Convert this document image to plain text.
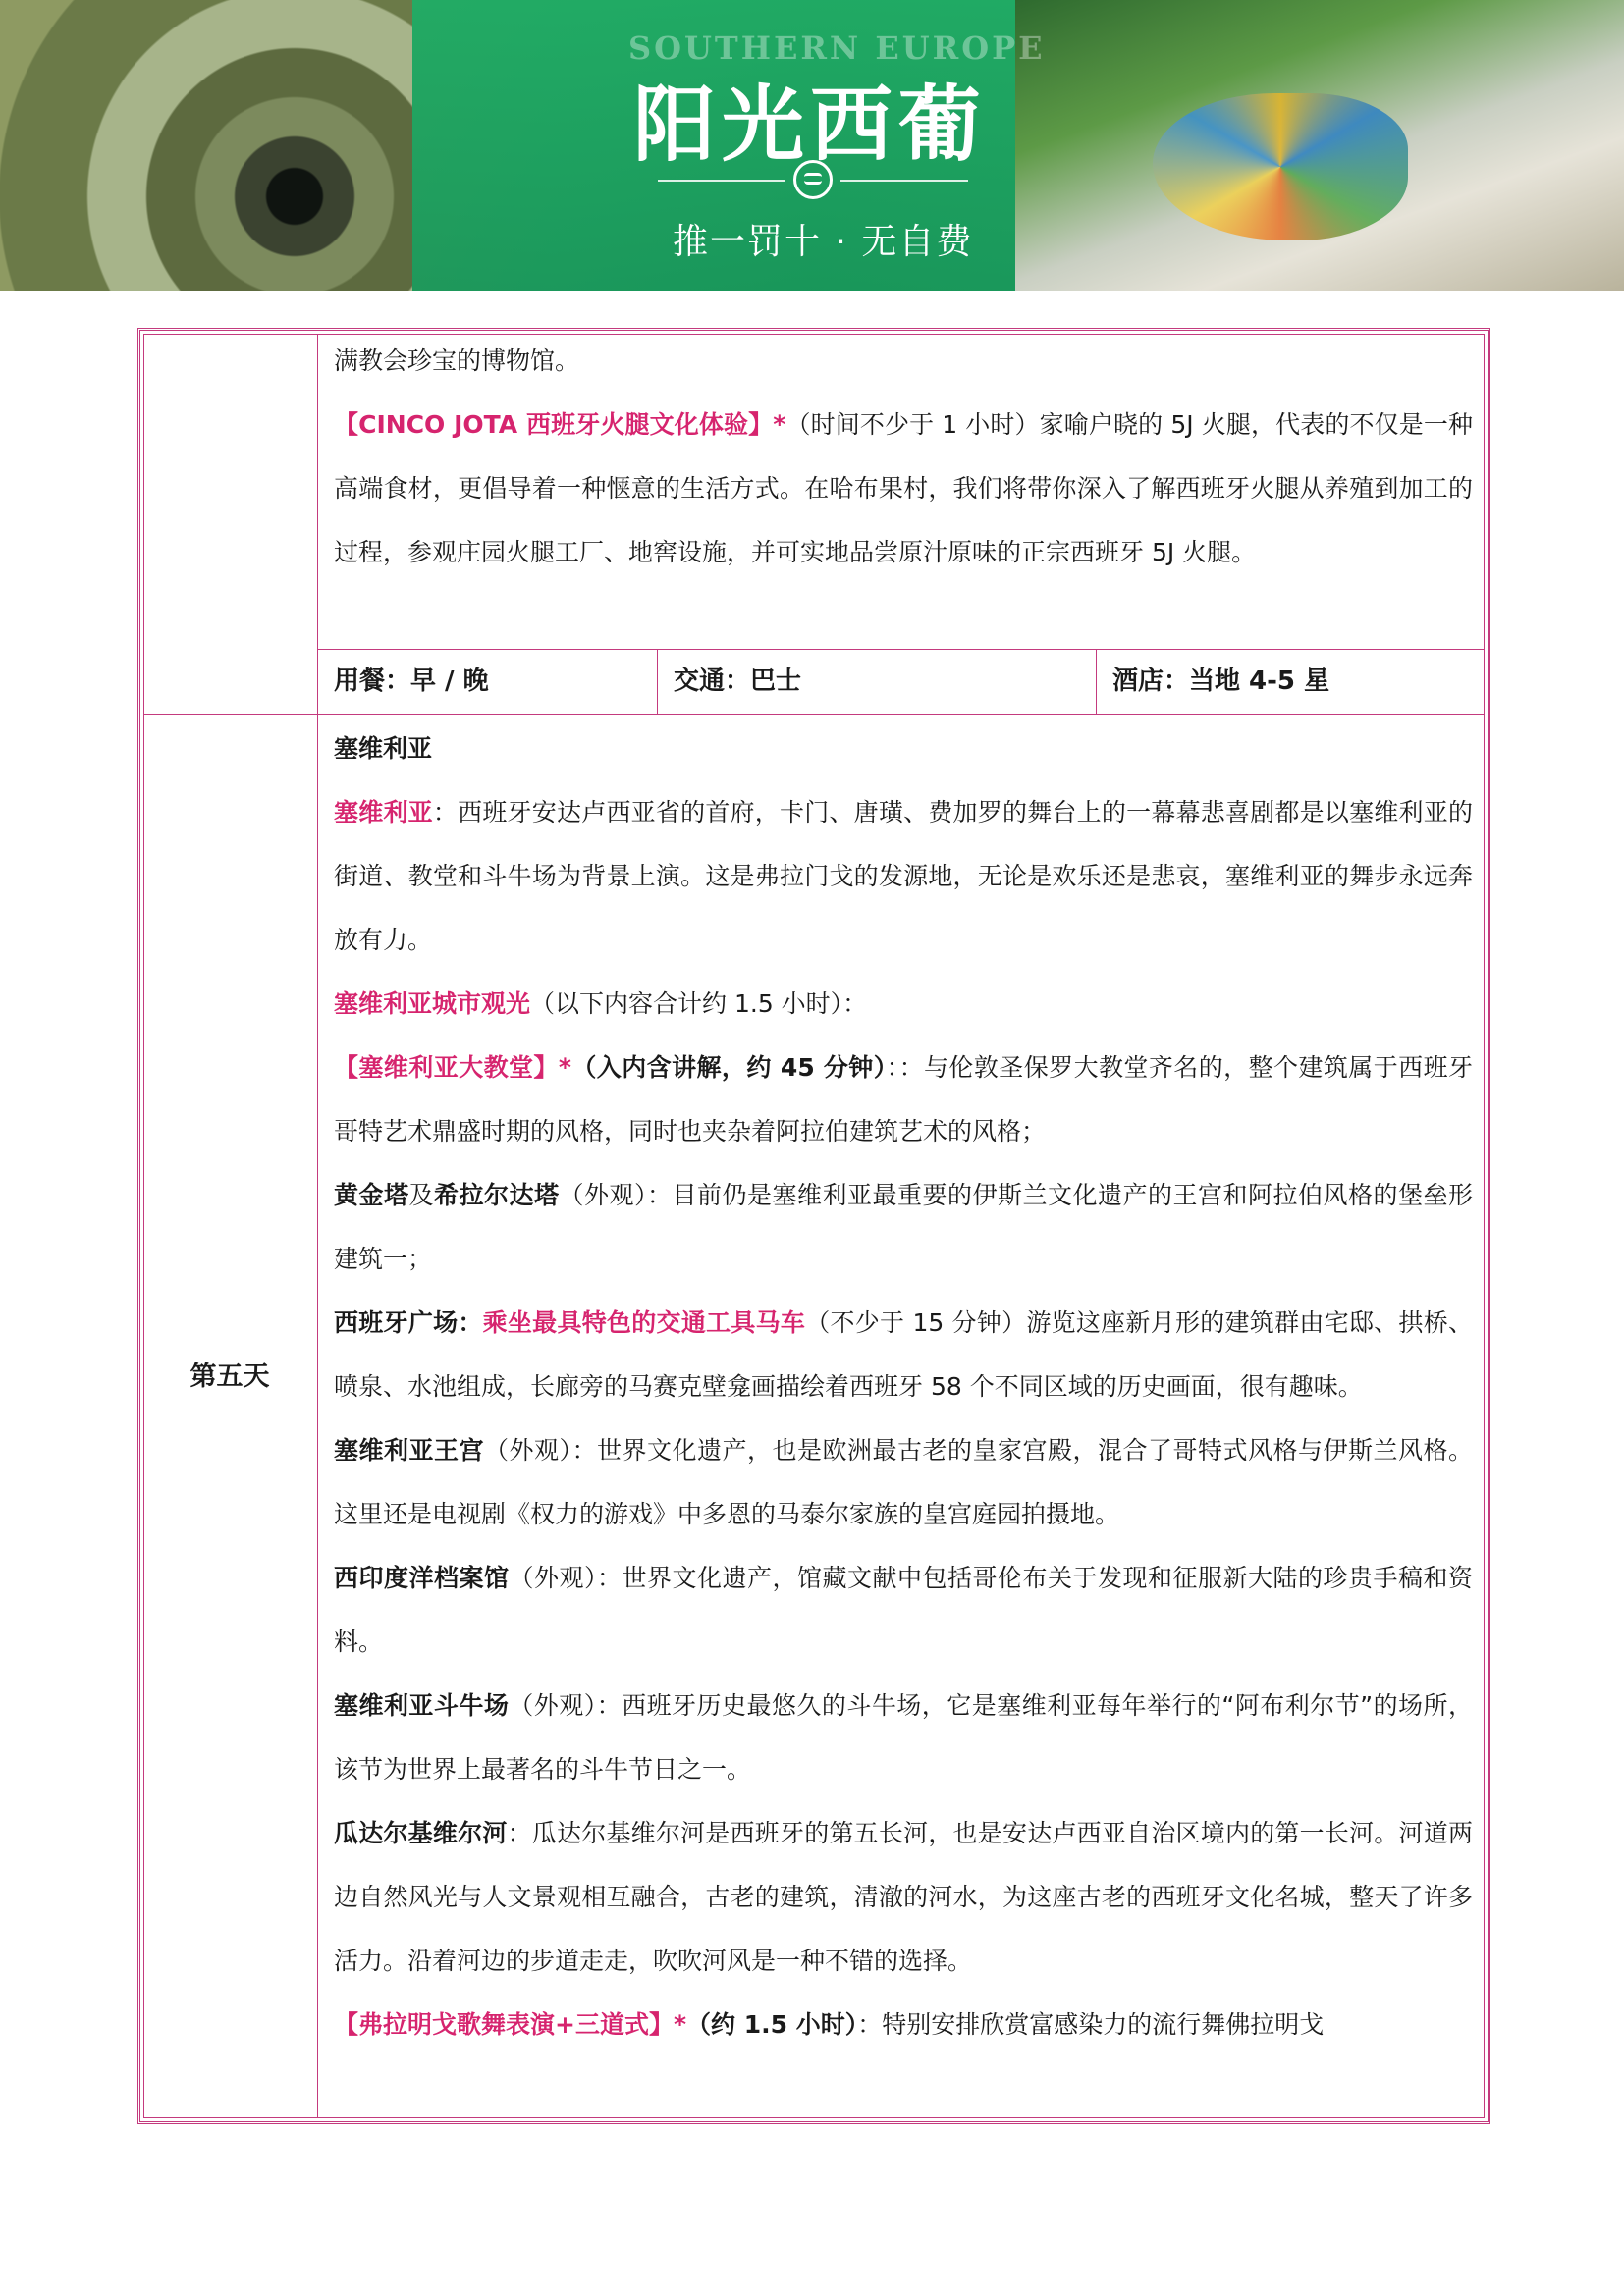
SOUTHERN EUROPE
阳光西葡
推一罚十 · 无自费

满教会珍宝的博物馆。

【CINCO JOTA 西班牙火腿文化体验】*（时间不少于 1 小时）家喻户晓的 5J 火腿，代表的不仅是一种高端食材，更倡导着一种惬意的生活方式。在哈布果村，我们将带你深入了解西班牙火腿从养殖到加工的过程，参观庄园火腿工厂、地窖设施，并可实地品尝原汁原味的正宗西班牙 5J 火腿。

用餐：早 / 晚	交通：巴士	酒店：当地 4-5 星
第五天

塞维利亚

塞维利亚：西班牙安达卢西亚省的首府，卡门、唐璜、费加罗的舞台上的一幕幕悲喜剧都是以塞维利亚的街道、教堂和斗牛场为背景上演。这是弗拉门戈的发源地，无论是欢乐还是悲哀，塞维利亚的舞步永远奔放有力。

塞维利亚城市观光（以下内容合计约 1.5 小时）：

【塞维利亚大教堂】*（入内含讲解，约 45 分钟）：：与伦敦圣保罗大教堂齐名的，整个建筑属于西班牙哥特艺术鼎盛时期的风格，同时也夹杂着阿拉伯建筑艺术的风格；

黄金塔及希拉尔达塔（外观）：目前仍是塞维利亚最重要的伊斯兰文化遗产的王宫和阿拉伯风格的堡垒形建筑一；

西班牙广场：乘坐最具特色的交通工具马车（不少于 15 分钟）游览这座新月形的建筑群由宅邸、拱桥、喷泉、水池组成，长廊旁的马赛克壁龛画描绘着西班牙 58 个不同区域的历史画面，很有趣味。

塞维利亚王宫（外观）：世界文化遗产，也是欧洲最古老的皇家宫殿，混合了哥特式风格与伊斯兰风格。这里还是电视剧《权力的游戏》中多恩的马泰尔家族的皇宫庭园拍摄地。

西印度洋档案馆（外观）：世界文化遗产，馆藏文献中包括哥伦布关于发现和征服新大陆的珍贵手稿和资料。

塞维利亚斗牛场（外观）：西班牙历史最悠久的斗牛场，它是塞维利亚每年举行的“阿布利尔节”的场所，该节为世界上最著名的斗牛节日之一。

瓜达尔基维尔河：瓜达尔基维尔河是西班牙的第五长河，也是安达卢西亚自治区境内的第一长河。河道两边自然风光与人文景观相互融合，古老的建筑，清澈的河水，为这座古老的西班牙文化名城，整天了许多活力。沿着河边的步道走走，吹吹河风是一种不错的选择。

【弗拉明戈歌舞表演+三道式】*（约 1.5 小时）：特别安排欣赏富感染力的流行舞佛拉明戈
